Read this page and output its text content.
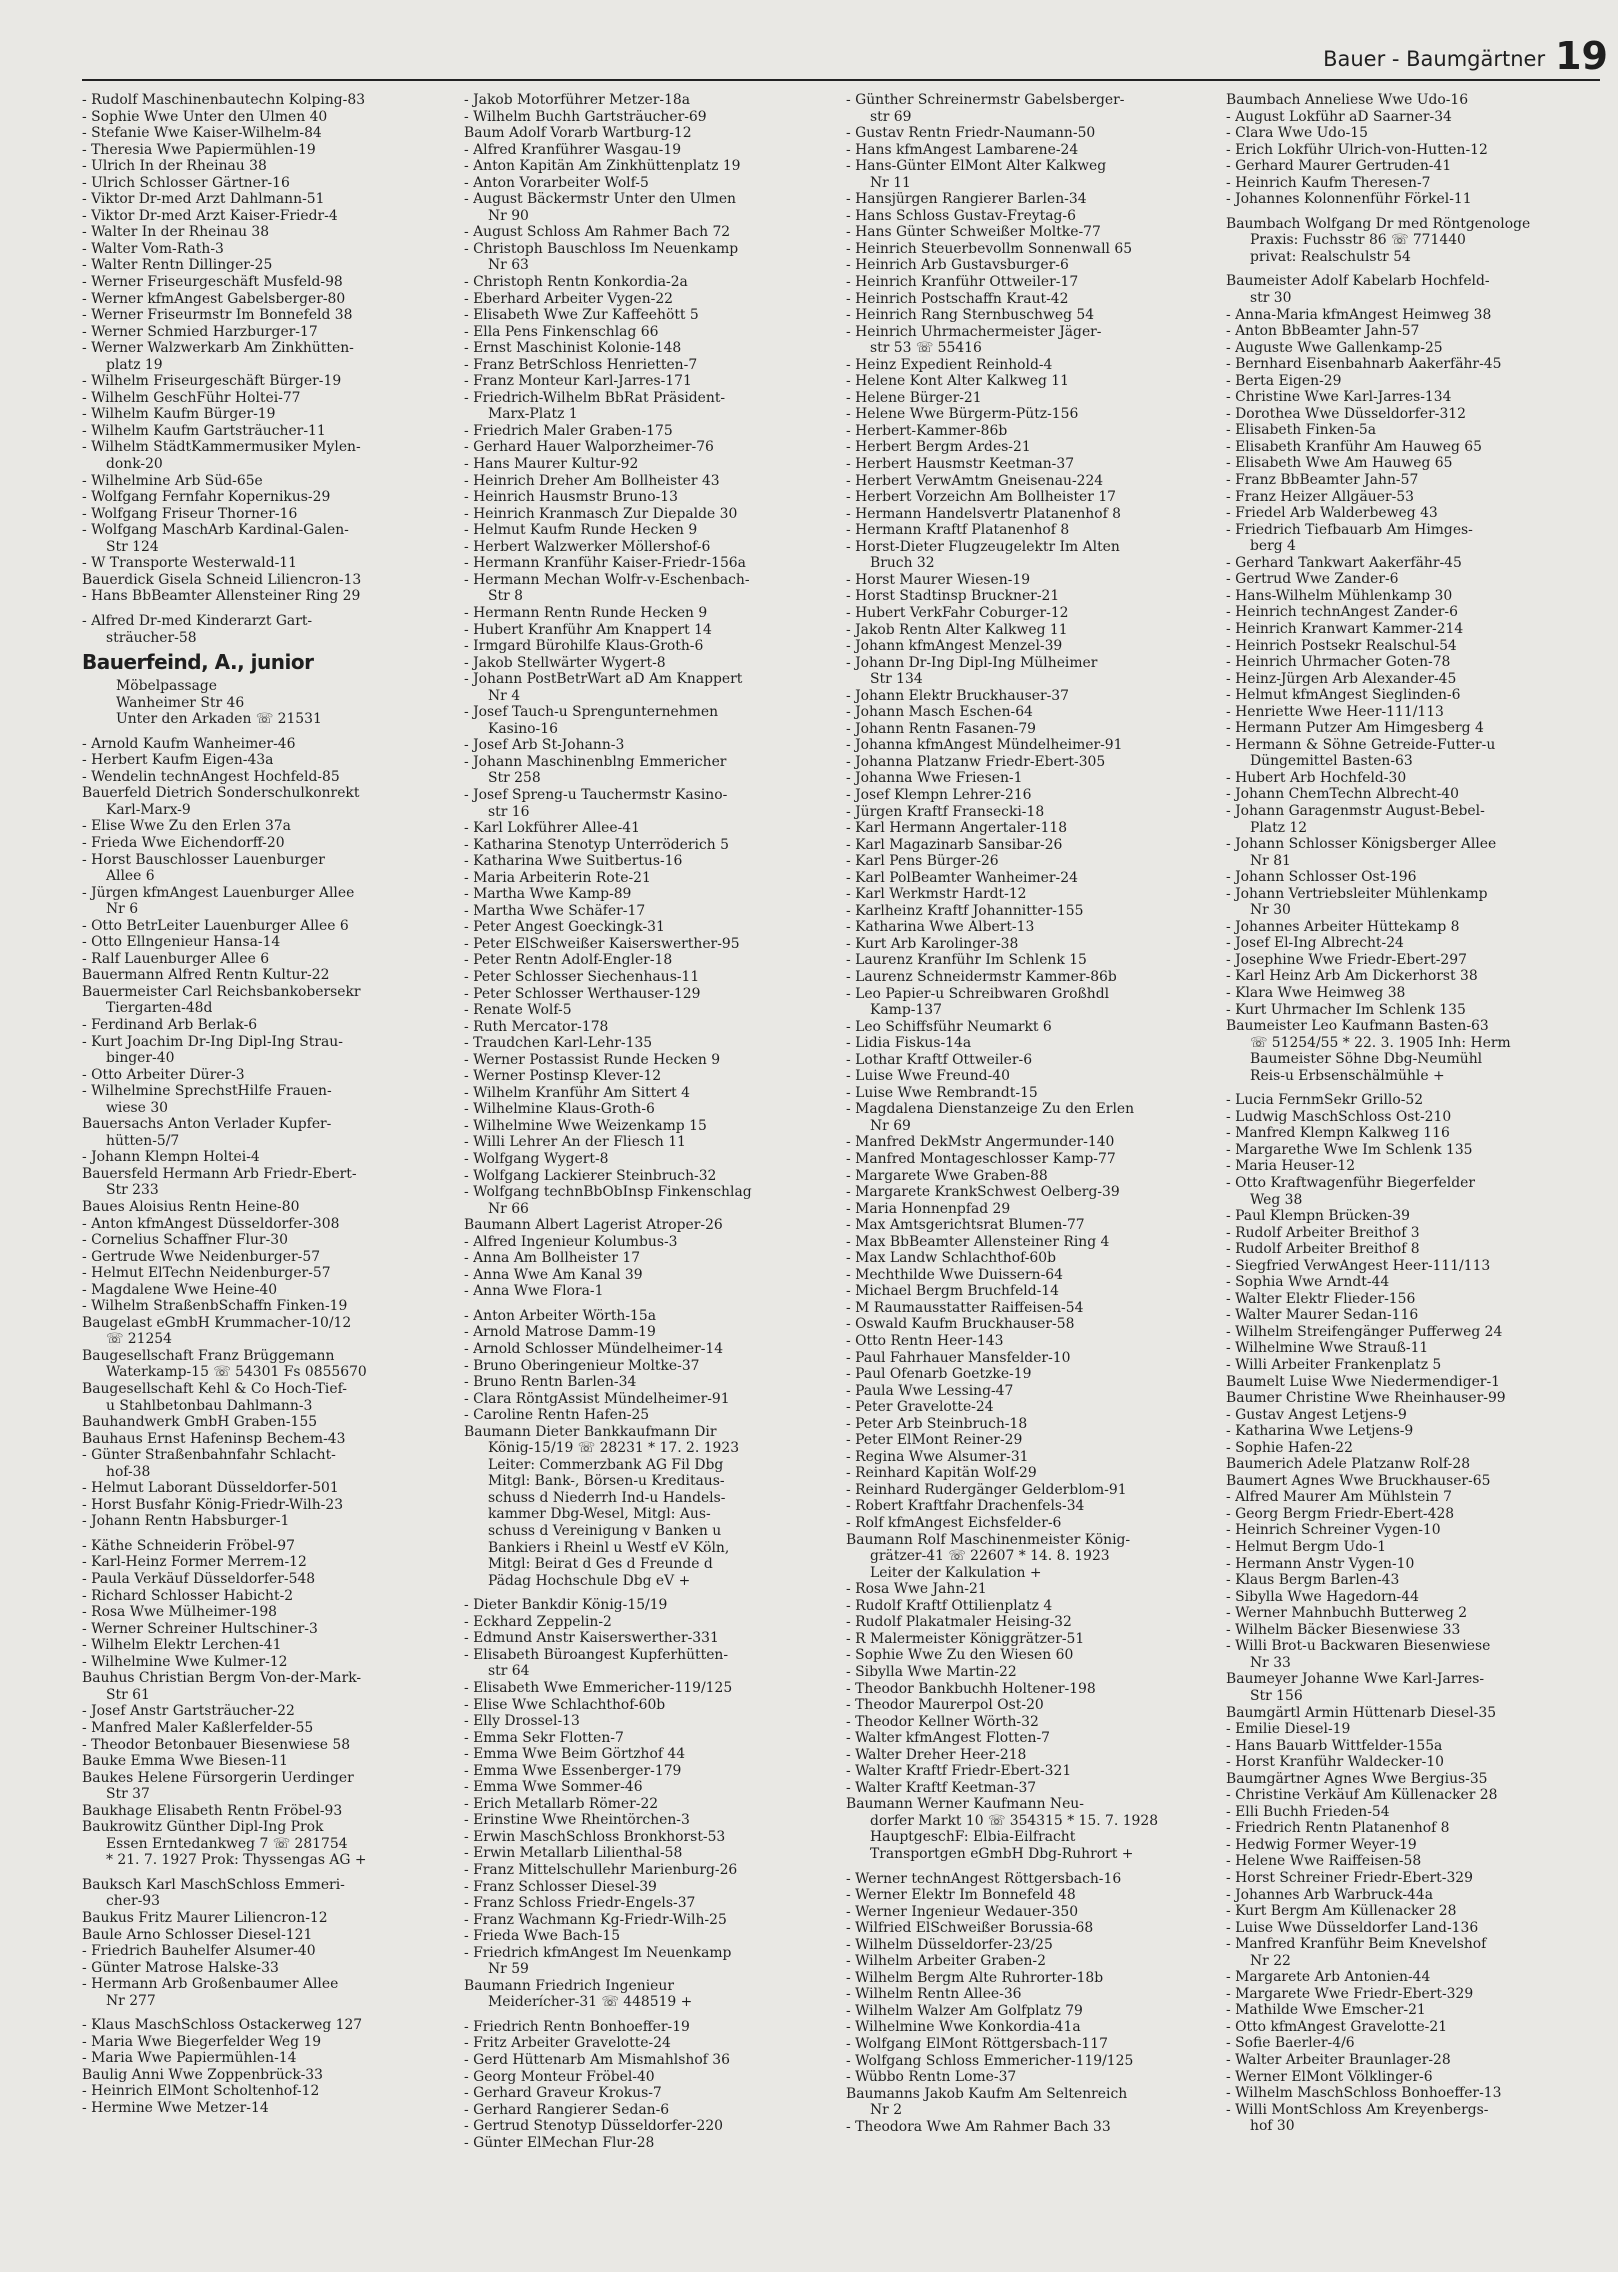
Bauer - Baumgärtner 19
- Rudolf Maschinenbautechn Kolping-83
- Sophie Wwe Unter den Ulmen 40
- Stefanie Wwe Kaiser-Wilhelm-84
- Theresia Wwe Papiermühlen-19
- Ulrich In der Rheinau 38
- Ulrich Schlosser Gärtner-16
- Viktor Dr-med Arzt Dahlmann-51
- Viktor Dr-med Arzt Kaiser-Friedr-4
- Walter In der Rheinau 38
- Walter Vom-Rath-3
- Walter Rentn Dillinger-25
- Werner Friseurgeschäft Musfeld-98
- Werner kfmAngest Gabelsberger-80
- Werner Friseurmstr Im Bonnefeld 38
- Werner Schmied Harzburger-17
- Werner Walzwerkarb Am Zinkhütten-
platz 19
- Wilhelm Friseurgeschäft Bürger-19
- Wilhelm GeschFühr Holtei-77
- Wilhelm Kaufm Bürger-19
- Wilhelm Kaufm Gartsträucher-11
- Wilhelm StädtKammermusiker Mylen-
donk-20
- Wilhelmine Arb Süd-65e
- Wolfgang Fernfahr Kopernikus-29
- Wolfgang Friseur Thorner-16
- Wolfgang MaschArb Kardinal-Galen-
Str 124
- W Transporte Westerwald-11
Bauerdick Gisela Schneid Liliencron-13
- Hans BbBeamter Allensteiner Ring 29
- Alfred Dr-med Kinderarzt Gart-
sträucher-58
Bauerfeind, A., junior
Möbelpassage
Wanheimer Str 46
Unter den Arkaden ☏ 21531
- Arnold Kaufm Wanheimer-46
- Herbert Kaufm Eigen-43a
- Wendelin technAngest Hochfeld-85
Bauerfeld Dietrich Sonderschulkonrekt
Karl-Marx-9
- Elise Wwe Zu den Erlen 37a
- Frieda Wwe Eichendorff-20
- Horst Bauschlosser Lauenburger
Allee 6
- Jürgen kfmAngest Lauenburger Allee
Nr 6
- Otto BetrLeiter Lauenburger Allee 6
- Otto Ellngenieur Hansa-14
- Ralf Lauenburger Allee 6
Bauermann Alfred Rentn Kultur-22
Bauermeister Carl Reichsbankobersekr
Tiergarten-48d
- Ferdinand Arb Berlak-6
- Kurt Joachim Dr-Ing Dipl-Ing Strau-
binger-40
- Otto Arbeiter Dürer-3
- Wilhelmine SprechstHilfe Frauen-
wiese 30
Bauersachs Anton Verlader Kupfer-
hütten-5/7
- Johann Klempn Holtei-4
Bauersfeld Hermann Arb Friedr-Ebert-
Str 233
Baues Aloisius Rentn Heine-80
- Anton kfmAngest Düsseldorfer-308
- Cornelius Schaffner Flur-30
- Gertrude Wwe Neidenburger-57
- Helmut ElTechn Neidenburger-57
- Magdalene Wwe Heine-40
- Wilhelm StraßenbSchaffn Finken-19
Baugelast eGmbH Krummacher-10/12
☏ 21254
Baugesellschaft Franz Brüggemann
Waterkamp-15 ☏ 54301 Fs 0855670
Baugesellschaft Kehl & Co Hoch-Tief-
u Stahlbetonbau Dahlmann-3
Bauhandwerk GmbH Graben-155
Bauhaus Ernst Hafeninsp Bechem-43
- Günter Straßenbahnfahr Schlacht-
hof-38
- Helmut Laborant Düsseldorfer-501
- Horst Busfahr König-Friedr-Wilh-23
- Johann Rentn Habsburger-1
- Käthe Schneiderin Fröbel-97
- Karl-Heinz Former Merrem-12
- Paula Verkäuf Düsseldorfer-548
- Richard Schlosser Habicht-2
- Rosa Wwe Mülheimer-198
- Werner Schreiner Hultschiner-3
- Wilhelm Elektr Lerchen-41
- Wilhelmine Wwe Kulmer-12
Bauhus Christian Bergm Von-der-Mark-
Str 61
- Josef Anstr Gartsträucher-22
- Manfred Maler Kaßlerfelder-55
- Theodor Betonbauer Biesenwiese 58
Bauke Emma Wwe Biesen-11
Baukes Helene Fürsorgerin Uerdinger
Str 37
Baukhage Elisabeth Rentn Fröbel-93
Baukrowitz Günther Dipl-Ing Prok
Essen Erntedankweg 7 ☏ 281754
* 21. 7. 1927 Prok: Thyssengas AG +
Bauksch Karl MaschSchloss Emmeri-
cher-93
Baukus Fritz Maurer Liliencron-12
Baule Arno Schlosser Diesel-121
- Friedrich Bauhelfer Alsumer-40
- Günter Matrose Halske-33
- Hermann Arb Großenbaumer Allee
Nr 277
- Klaus MaschSchloss Ostackerweg 127
- Maria Wwe Biegerfelder Weg 19
- Maria Wwe Papiermühlen-14
Baulig Anni Wwe Zoppenbrück-33
- Heinrich ElMont Scholtenhof-12
- Hermine Wwe Metzer-14
- Jakob Motorführer Metzer-18a
- Wilhelm Buchh Gartsträucher-69
Baum Adolf Vorarb Wartburg-12
- Alfred Kranführer Wasgau-19
- Anton Kapitän Am Zinkhüttenplatz 19
- Anton Vorarbeiter Wolf-5
- August Bäckermstr Unter den Ulmen
Nr 90
- August Schloss Am Rahmer Bach 72
- Christoph Bauschloss Im Neuenkamp
Nr 63
- Christoph Rentn Konkordia-2a
- Eberhard Arbeiter Vygen-22
- Elisabeth Wwe Zur Kaffeehött 5
- Ella Pens Finkenschlag 66
- Ernst Maschinist Kolonie-148
- Franz BetrSchloss Henrietten-7
- Franz Monteur Karl-Jarres-171
- Friedrich-Wilhelm BbRat Präsident-
Marx-Platz 1
- Friedrich Maler Graben-175
- Gerhard Hauer Walporzheimer-76
- Hans Maurer Kultur-92
- Heinrich Dreher Am Bollheister 43
- Heinrich Hausmstr Bruno-13
- Heinrich Kranmasch Zur Diepalde 30
- Helmut Kaufm Runde Hecken 9
- Herbert Walzwerker Möllershof-6
- Hermann Kranführ Kaiser-Friedr-156a
- Hermann Mechan Wolfr-v-Eschenbach-
Str 8
- Hermann Rentn Runde Hecken 9
- Hubert Kranführ Am Knappert 14
- Irmgard Bürohilfe Klaus-Groth-6
- Jakob Stellwärter Wygert-8
- Johann PostBetrWart aD Am Knappert
Nr 4
- Josef Tauch-u Sprengunternehmen
Kasino-16
- Josef Arb St-Johann-3
- Johann Maschinenblng Emmericher
Str 258
- Josef Spreng-u Tauchermstr Kasino-
str 16
- Karl Lokführer Allee-41
- Katharina Stenotyp Unterröderich 5
- Katharina Wwe Suitbertus-16
- Maria Arbeiterin Rote-21
- Martha Wwe Kamp-89
- Martha Wwe Schäfer-17
- Peter Angest Goeckingk-31
- Peter ElSchweißer Kaiserswerther-95
- Peter Rentn Adolf-Engler-18
- Peter Schlosser Siechenhaus-11
- Peter Schlosser Werthauser-129
- Renate Wolf-5
- Ruth Mercator-178
- Traudchen Karl-Lehr-135
- Werner Postassist Runde Hecken 9
- Werner Postinsp Klever-12
- Wilhelm Kranführ Am Sittert 4
- Wilhelmine Klaus-Groth-6
- Wilhelmine Wwe Weizenkamp 15
- Willi Lehrer An der Fliesch 11
- Wolfgang Wygert-8
- Wolfgang Lackierer Steinbruch-32
- Wolfgang technBbObInsp Finkenschlag
Nr 66
Baumann Albert Lagerist Atroper-26
- Alfred Ingenieur Kolumbus-3
- Anna Am Bollheister 17
- Anna Wwe Am Kanal 39
- Anna Wwe Flora-1
- Anton Arbeiter Wörth-15a
- Arnold Matrose Damm-19
- Arnold Schlosser Mündelheimer-14
- Bruno Oberingenieur Moltke-37
- Bruno Rentn Barlen-34
- Clara RöntgAssist Mündelheimer-91
- Caroline Rentn Hafen-25
Baumann Dieter Bankkaufmann Dir
König-15/19 ☏ 28231 * 17. 2. 1923
Leiter: Commerzbank AG Fil Dbg
Mitgl: Bank-, Börsen-u Kreditaus-
schuss d Niederrh Ind-u Handels-
kammer Dbg-Wesel, Mitgl: Aus-
schuss d Vereinigung v Banken u
Bankiers i Rheinl u Westf eV Köln,
Mitgl: Beirat d Ges d Freunde d
Pädag Hochschule Dbg eV +
- Dieter Bankdir König-15/19
- Eckhard Zeppelin-2
- Edmund Anstr Kaiserswerther-331
- Elisabeth Büroangest Kupferhütten-
str 64
- Elisabeth Wwe Emmericher-119/125
- Elise Wwe Schlachthof-60b
- Elly Drossel-13
- Emma Sekr Flotten-7
- Emma Wwe Beim Görtzhof 44
- Emma Wwe Essenberger-179
- Emma Wwe Sommer-46
- Erich Metallarb Römer-22
- Erinstine Wwe Rheintörchen-3
- Erwin MaschSchloss Bronkhorst-53
- Erwin Metallarb Lilienthal-58
- Franz Mittelschullehr Marienburg-26
- Franz Schlosser Diesel-39
- Franz Schloss Friedr-Engels-37
- Franz Wachmann Kg-Friedr-Wilh-25
- Frieda Wwe Bach-15
- Friedrich kfmAngest Im Neuenkamp
Nr 59
Baumann Friedrich Ingenieur
Meiderícher-31 ☏ 448519 +
- Friedrich Rentn Bonhoeffer-19
- Fritz Arbeiter Gravelotte-24
- Gerd Hüttenarb Am Mismahlshof 36
- Georg Monteur Fröbel-40
- Gerhard Graveur Krokus-7
- Gerhard Rangierer Sedan-6
- Gertrud Stenotyp Düsseldorfer-220
- Günter ElMechan Flur-28
- Günther Schreinermstr Gabelsberger-
str 69
- Gustav Rentn Friedr-Naumann-50
- Hans kfmAngest Lambarene-24
- Hans-Günter ElMont Alter Kalkweg
Nr 11
- Hansjürgen Rangierer Barlen-34
- Hans Schloss Gustav-Freytag-6
- Hans Günter Schweißer Moltke-77
- Heinrich Steuerbevollm Sonnenwall 65
- Heinrich Arb Gustavsburger-6
- Heinrich Kranführ Ottweiler-17
- Heinrich Postschaffn Kraut-42
- Heinrich Rang Sternbuschweg 54
- Heinrich Uhrmachermeister Jäger-
str 53 ☏ 55416
- Heinz Expedient Reinhold-4
- Helene Kont Alter Kalkweg 11
- Helene Bürger-21
- Helene Wwe Bürgerm-Pütz-156
- Herbert-Kammer-86b
- Herbert Bergm Ardes-21
- Herbert Hausmstr Keetman-37
- Herbert VerwAmtm Gneisenau-224
- Herbert Vorzeichn Am Bollheister 17
- Hermann Handelsvertr Platanenhof 8
- Hermann Kraftf Platanenhof 8
- Horst-Dieter Flugzeugelektr Im Alten
Bruch 32
- Horst Maurer Wiesen-19
- Horst Stadtinsp Bruckner-21
- Hubert VerkFahr Coburger-12
- Jakob Rentn Alter Kalkweg 11
- Johann kfmAngest Menzel-39
- Johann Dr-Ing Dipl-Ing Mülheimer
Str 134
- Johann Elektr Bruckhauser-37
- Johann Masch Eschen-64
- Johann Rentn Fasanen-79
- Johanna kfmAngest Mündelheimer-91
- Johanna Platzanw Friedr-Ebert-305
- Johanna Wwe Friesen-1
- Josef Klempn Lehrer-216
- Jürgen Kraftf Fransecki-18
- Karl Hermann Angertaler-118
- Karl Magazinarb Sansibar-26
- Karl Pens Bürger-26
- Karl PolBeamter Wanheimer-24
- Karl Werkmstr Hardt-12
- Karlheinz Kraftf Johannitter-155
- Katharina Wwe Albert-13
- Kurt Arb Karolinger-38
- Laurenz Kranführ Im Schlenk 15
- Laurenz Schneidermstr Kammer-86b
- Leo Papier-u Schreibwaren Großhdl
Kamp-137
- Leo Schiffsführ Neumarkt 6
- Lidia Fiskus-14a
- Lothar Kraftf Ottweiler-6
- Luise Wwe Freund-40
- Luise Wwe Rembrandt-15
- Magdalena Dienstanzeige Zu den Erlen
Nr 69
- Manfred DekMstr Angermunder-140
- Manfred Montageschlosser Kamp-77
- Margarete Wwe Graben-88
- Margarete KrankSchwest Oelberg-39
- Maria Honnenpfad 29
- Max Amtsgerichtsrat Blumen-77
- Max BbBeamter Allensteiner Ring 4
- Max Landw Schlachthof-60b
- Mechthilde Wwe Duissern-64
- Michael Bergm Bruchfeld-14
- M Raumausstatter Raiffeisen-54
- Oswald Kaufm Bruckhauser-58
- Otto Rentn Heer-143
- Paul Fahrhauer Mansfelder-10
- Paul Ofenarb Goetzke-19
- Paula Wwe Lessing-47
- Peter Gravelotte-24
- Peter Arb Steinbruch-18
- Peter ElMont Reiner-29
- Regina Wwe Alsumer-31
- Reinhard Kapitän Wolf-29
- Reinhard Rudergänger Gelderblom-91
- Robert Kraftfahr Drachenfels-34
- Rolf kfmAngest Eichsfelder-6
Baumann Rolf Maschinenmeister König-
grätzer-41 ☏ 22607 * 14. 8. 1923
Leiter der Kalkulation +
- Rosa Wwe Jahn-21
- Rudolf Kraftf Ottilienplatz 4
- Rudolf Plakatmaler Heising-32
- R Malermeister Königgrätzer-51
- Sophie Wwe Zu den Wiesen 60
- Sibylla Wwe Martin-22
- Theodor Bankbuchh Holtener-198
- Theodor Maurerpol Ost-20
- Theodor Kellner Wörth-32
- Walter kfmAngest Flotten-7
- Walter Dreher Heer-218
- Walter Kraftf Friedr-Ebert-321
- Walter Kraftf Keetman-37
Baumann Werner Kaufmann Neu-
dorfer Markt 10 ☏ 354315 * 15. 7. 1928
HauptgeschF: Elbia-Eilfracht
Transportgen eGmbH Dbg-Ruhrort +
- Werner technAngest Röttgersbach-16
- Werner Elektr Im Bonnefeld 48
- Werner Ingenieur Wedauer-350
- Wilfried ElSchweißer Borussia-68
- Wilhelm Düsseldorfer-23/25
- Wilhelm Arbeiter Graben-2
- Wilhelm Bergm Alte Ruhrorter-18b
- Wilhelm Rentn Allee-36
- Wilhelm Walzer Am Golfplatz 79
- Wilhelmine Wwe Konkordia-41a
- Wolfgang ElMont Röttgersbach-117
- Wolfgang Schloss Emmericher-119/125
- Wübbo Rentn Lome-37
Baumanns Jakob Kaufm Am Seltenreich
Nr 2
- Theodora Wwe Am Rahmer Bach 33
Baumbach Anneliese Wwe Udo-16
- August Lokführ aD Saarner-34
- Clara Wwe Udo-15
- Erich Lokführ Ulrich-von-Hutten-12
- Gerhard Maurer Gertruden-41
- Heinrich Kaufm Theresen-7
- Johannes Kolonnenführ Förkel-11
Baumbach Wolfgang Dr med Röntgenologe
Praxis: Fuchsstr 86 ☏ 771440
privat: Realschulstr 54
Baumeister Adolf Kabelarb Hochfeld-
str 30
- Anna-Maria kfmAngest Heimweg 38
- Anton BbBeamter Jahn-57
- Auguste Wwe Gallenkamp-25
- Bernhard Eisenbahnarb Aakerfähr-45
- Berta Eigen-29
- Christine Wwe Karl-Jarres-134
- Dorothea Wwe Düsseldorfer-312
- Elisabeth Finken-5a
- Elisabeth Kranführ Am Hauweg 65
- Elisabeth Wwe Am Hauweg 65
- Franz BbBeamter Jahn-57
- Franz Heizer Allgäuer-53
- Friedel Arb Walderbeweg 43
- Friedrich Tiefbauarb Am Himges-
berg 4
- Gerhard Tankwart Aakerfähr-45
- Gertrud Wwe Zander-6
- Hans-Wilhelm Mühlenkamp 30
- Heinrich technAngest Zander-6
- Heinrich Kranwart Kammer-214
- Heinrich Postsekr Realschul-54
- Heinrich Uhrmacher Goten-78
- Heinz-Jürgen Arb Alexander-45
- Helmut kfmAngest Sieglinden-6
- Henriette Wwe Heer-111/113
- Hermann Putzer Am Himgesberg 4
- Hermann & Söhne Getreide-Futter-u
Düngemittel Basten-63
- Hubert Arb Hochfeld-30
- Johann ChemTechn Albrecht-40
- Johann Garagenmstr August-Bebel-
Platz 12
- Johann Schlosser Königsberger Allee
Nr 81
- Johann Schlosser Ost-196
- Johann Vertriebsleiter Mühlenkamp
Nr 30
- Johannes Arbeiter Hüttekamp 8
- Josef El-Ing Albrecht-24
- Josephine Wwe Friedr-Ebert-297
- Karl Heinz Arb Am Dickerhorst 38
- Klara Wwe Heimweg 38
- Kurt Uhrmacher Im Schlenk 135
Baumeister Leo Kaufmann Basten-63
☏ 51254/55 * 22. 3. 1905 Inh: Herm
Baumeister Söhne Dbg-Neumühl
Reis-u Erbsenschälmühle +
- Lucia FernmSekr Grillo-52
- Ludwig MaschSchloss Ost-210
- Manfred Klempn Kalkweg 116
- Margarethe Wwe Im Schlenk 135
- Maria Heuser-12
- Otto Kraftwagenführ Biegerfelder
Weg 38
- Paul Klempn Brücken-39
- Rudolf Arbeiter Breithof 3
- Rudolf Arbeiter Breithof 8
- Siegfried VerwAngest Heer-111/113
- Sophia Wwe Arndt-44
- Walter Elektr Flieder-156
- Walter Maurer Sedan-116
- Wilhelm Streifengänger Pufferweg 24
- Wilhelmine Wwe Strauß-11
- Willi Arbeiter Frankenplatz 5
Baumelt Luise Wwe Niedermendiger-1
Baumer Christine Wwe Rheinhauser-99
- Gustav Angest Letjens-9
- Katharina Wwe Letjens-9
- Sophie Hafen-22
Baumerich Adele Platzanw Rolf-28
Baumert Agnes Wwe Bruckhauser-65
- Alfred Maurer Am Mühlstein 7
- Georg Bergm Friedr-Ebert-428
- Heinrich Schreiner Vygen-10
- Helmut Bergm Udo-1
- Hermann Anstr Vygen-10
- Klaus Bergm Barlen-43
- Sibylla Wwe Hagedorn-44
- Werner Mahnbuchh Butterweg 2
- Wilhelm Bäcker Biesenwiese 33
- Willi Brot-u Backwaren Biesenwiese
Nr 33
Baumeyer Johanne Wwe Karl-Jarres-
Str 156
Baumgärtl Armin Hüttenarb Diesel-35
- Emilie Diesel-19
- Hans Bauarb Wittfelder-155a
- Horst Kranführ Waldecker-10
Baumgärtner Agnes Wwe Bergius-35
- Christine Verkäuf Am Küllenacker 28
- Elli Buchh Frieden-54
- Friedrich Rentn Platanenhof 8
- Hedwig Former Weyer-19
- Helene Wwe Raiffeisen-58
- Horst Schreiner Friedr-Ebert-329
- Johannes Arb Warbruck-44a
- Kurt Bergm Am Küllenacker 28
- Luise Wwe Düsseldorfer Land-136
- Manfred Kranführ Beim Knevelshof
Nr 22
- Margarete Arb Antonien-44
- Margarete Wwe Friedr-Ebert-329
- Mathilde Wwe Emscher-21
- Otto kfmAngest Gravelotte-21
- Sofie Baerler-4/6
- Walter Arbeiter Braunlager-28
- Werner ElMont Völklinger-6
- Wilhelm MaschSchloss Bonhoeffer-13
- Willi MontSchloss Am Kreyenbergs-
hof 30
